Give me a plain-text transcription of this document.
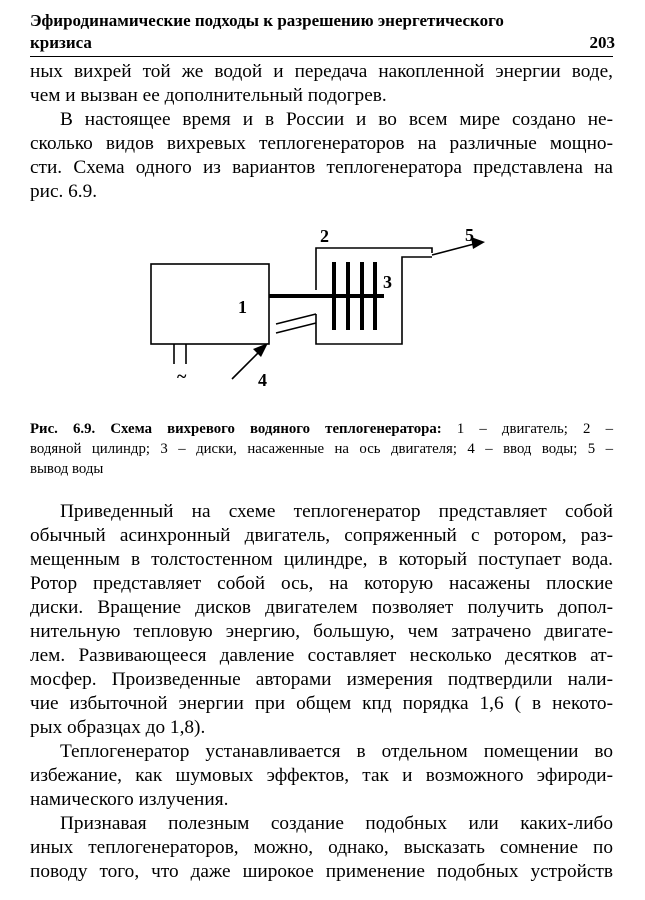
Эфиродинамические подходы к разрешению энергетического
кризиса	203
ных вихрей той же водой и передача накопленной энергии воде,
чем и вызван ее дополнительный подогрев.
В настоящее время и в России и во всем мире создано не-
сколько видов вихревых теплогенераторов на различные мощно-
сти. Схема одного из вариантов теплогенератора представлена на
рис. 6.9.
1
2
3
4
5
~
Рис. 6.9. Схема вихревого водяного теплогенератора: 1 – двигатель; 2 –
водяной цилиндр; 3 – диски, насаженные на ось двигателя; 4 – ввод воды; 5 –
вывод воды
Приведенный на схеме теплогенератор представляет собой
обычный асинхронный двигатель, сопряженный с ротором, раз-
мещенным в толстостенном цилиндре, в который поступает вода.
Ротор представляет собой ось, на которую насажены плоские
диски. Вращение дисков двигателем позволяет получить допол-
нительную тепловую энергию, большую, чем затрачено двигате-
лем. Развивающееся давление составляет несколько десятков ат-
мосфер. Произведенные авторами измерения подтвердили нали-
чие избыточной энергии при общем кпд порядка 1,6 ( в некото-
рых образцах до 1,8).
Теплогенератор устанавливается в отдельном помещении во
избежание, как шумовых эффектов, так и возможного эфироди-
намического излучения.
Признавая полезным создание подобных или каких-либо
иных теплогенераторов, можно, однако, высказать сомнение по
поводу того, что даже широкое применение подобных устройств
